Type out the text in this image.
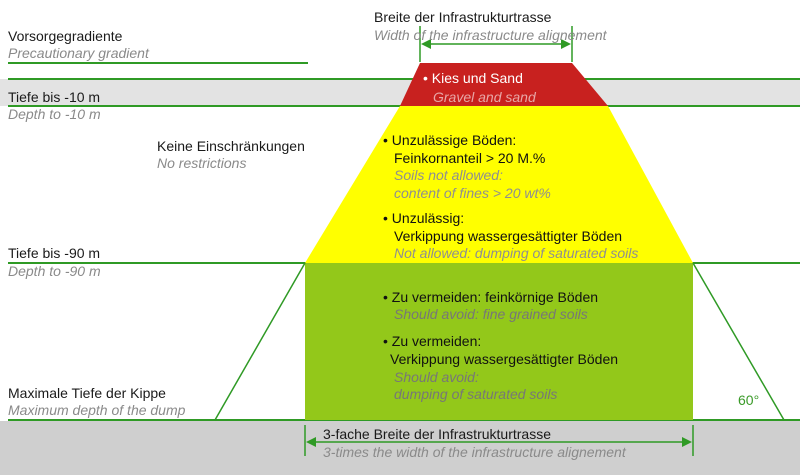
Breite der Infrastrukturtrasse
Width of the infrastructure alignement
Vorsorgegradiente
Precautionary gradient
Tiefe bis -10 m
Depth to -10 m
Keine Einschränkungen
No restrictions
Tiefe bis -90 m
Depth to -90 m
Maximale Tiefe der Kippe
Maximum depth of the dump
• Kies und Sand
Gravel and sand
• Unzulässige Böden:
Feinkornanteil > 20 M.%
Soils not allowed:
content of fines > 20 wt%
• Unzulässig:
Verkippung wassergesättigter Böden
Not allowed: dumping of saturated soils
• Zu vermeiden: feinkörnige Böden
Should avoid: fine grained soils
• Zu vermeiden:
Verkippung wassergesättigter Böden
Should avoid:
dumping of saturated soils	60°
3-fache Breite der Infrastrukturtrasse
3-times the width of the infrastructure alignement
